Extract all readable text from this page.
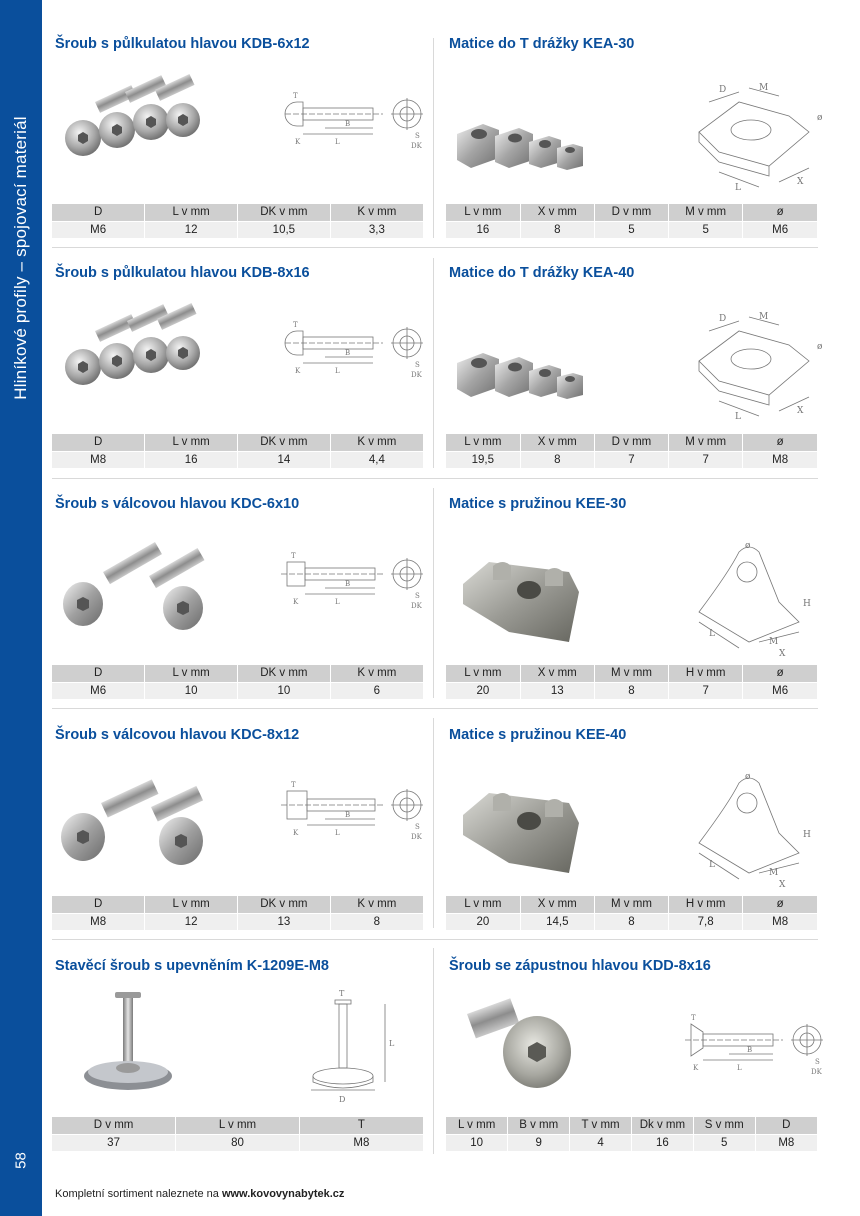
Hliníkové profily – spojovací materiál
58
Šroub s půlkulatou hlavou KDB-6x12
T
B
L
K
S
DK
D	L v mm	DK v mm	K v mm
M6	12	10,5	3,3
Matice do T drážky KEA-30
D	M
ø
L
X
L v mm	X v mm	D v mm	M v mm	ø
16	8	5	5	M6
Šroub s půlkulatou hlavou KDB-8x16
T
B
L
K
S
DK
D	L v mm	DK v mm	K v mm
M8	16	14	4,4
Matice do T drážky KEA-40
D	M
ø
L
X
L v mm	X v mm	D v mm	M v mm	ø
19,5	8	7	7	M8
Šroub s válcovou hlavou KDC-6x10
T
B
L
K
S
DK
D	L v mm	DK v mm	K v mm
M6	10	10	6
Matice s pružinou KEE-30
ø
H
M
X
L
L v mm	X v mm	M v mm	H v mm	ø
20	13	8	7	M6
Šroub s válcovou hlavou KDC-8x12
T
B
L
K
S
DK
D	L v mm	DK v mm	K v mm
M8	12	13	8
Matice s pružinou KEE-40
ø
H
M
X
L
L v mm	X v mm	M v mm	H v mm	ø
20	14,5	8	7,8	M8
Stavěcí šroub s upevněním K-1209E-M8
T
L
D
D v mm	L v mm	T
37	80	M8
Šroub se zápustnou hlavou KDD-8x16
T
B
L
K
S
DK
L v mm	B v mm	T v mm	Dk v mm	S v mm	D
10	9	4	16	5	M8
Kompletní sortiment naleznete na www.kovovynabytek.cz
